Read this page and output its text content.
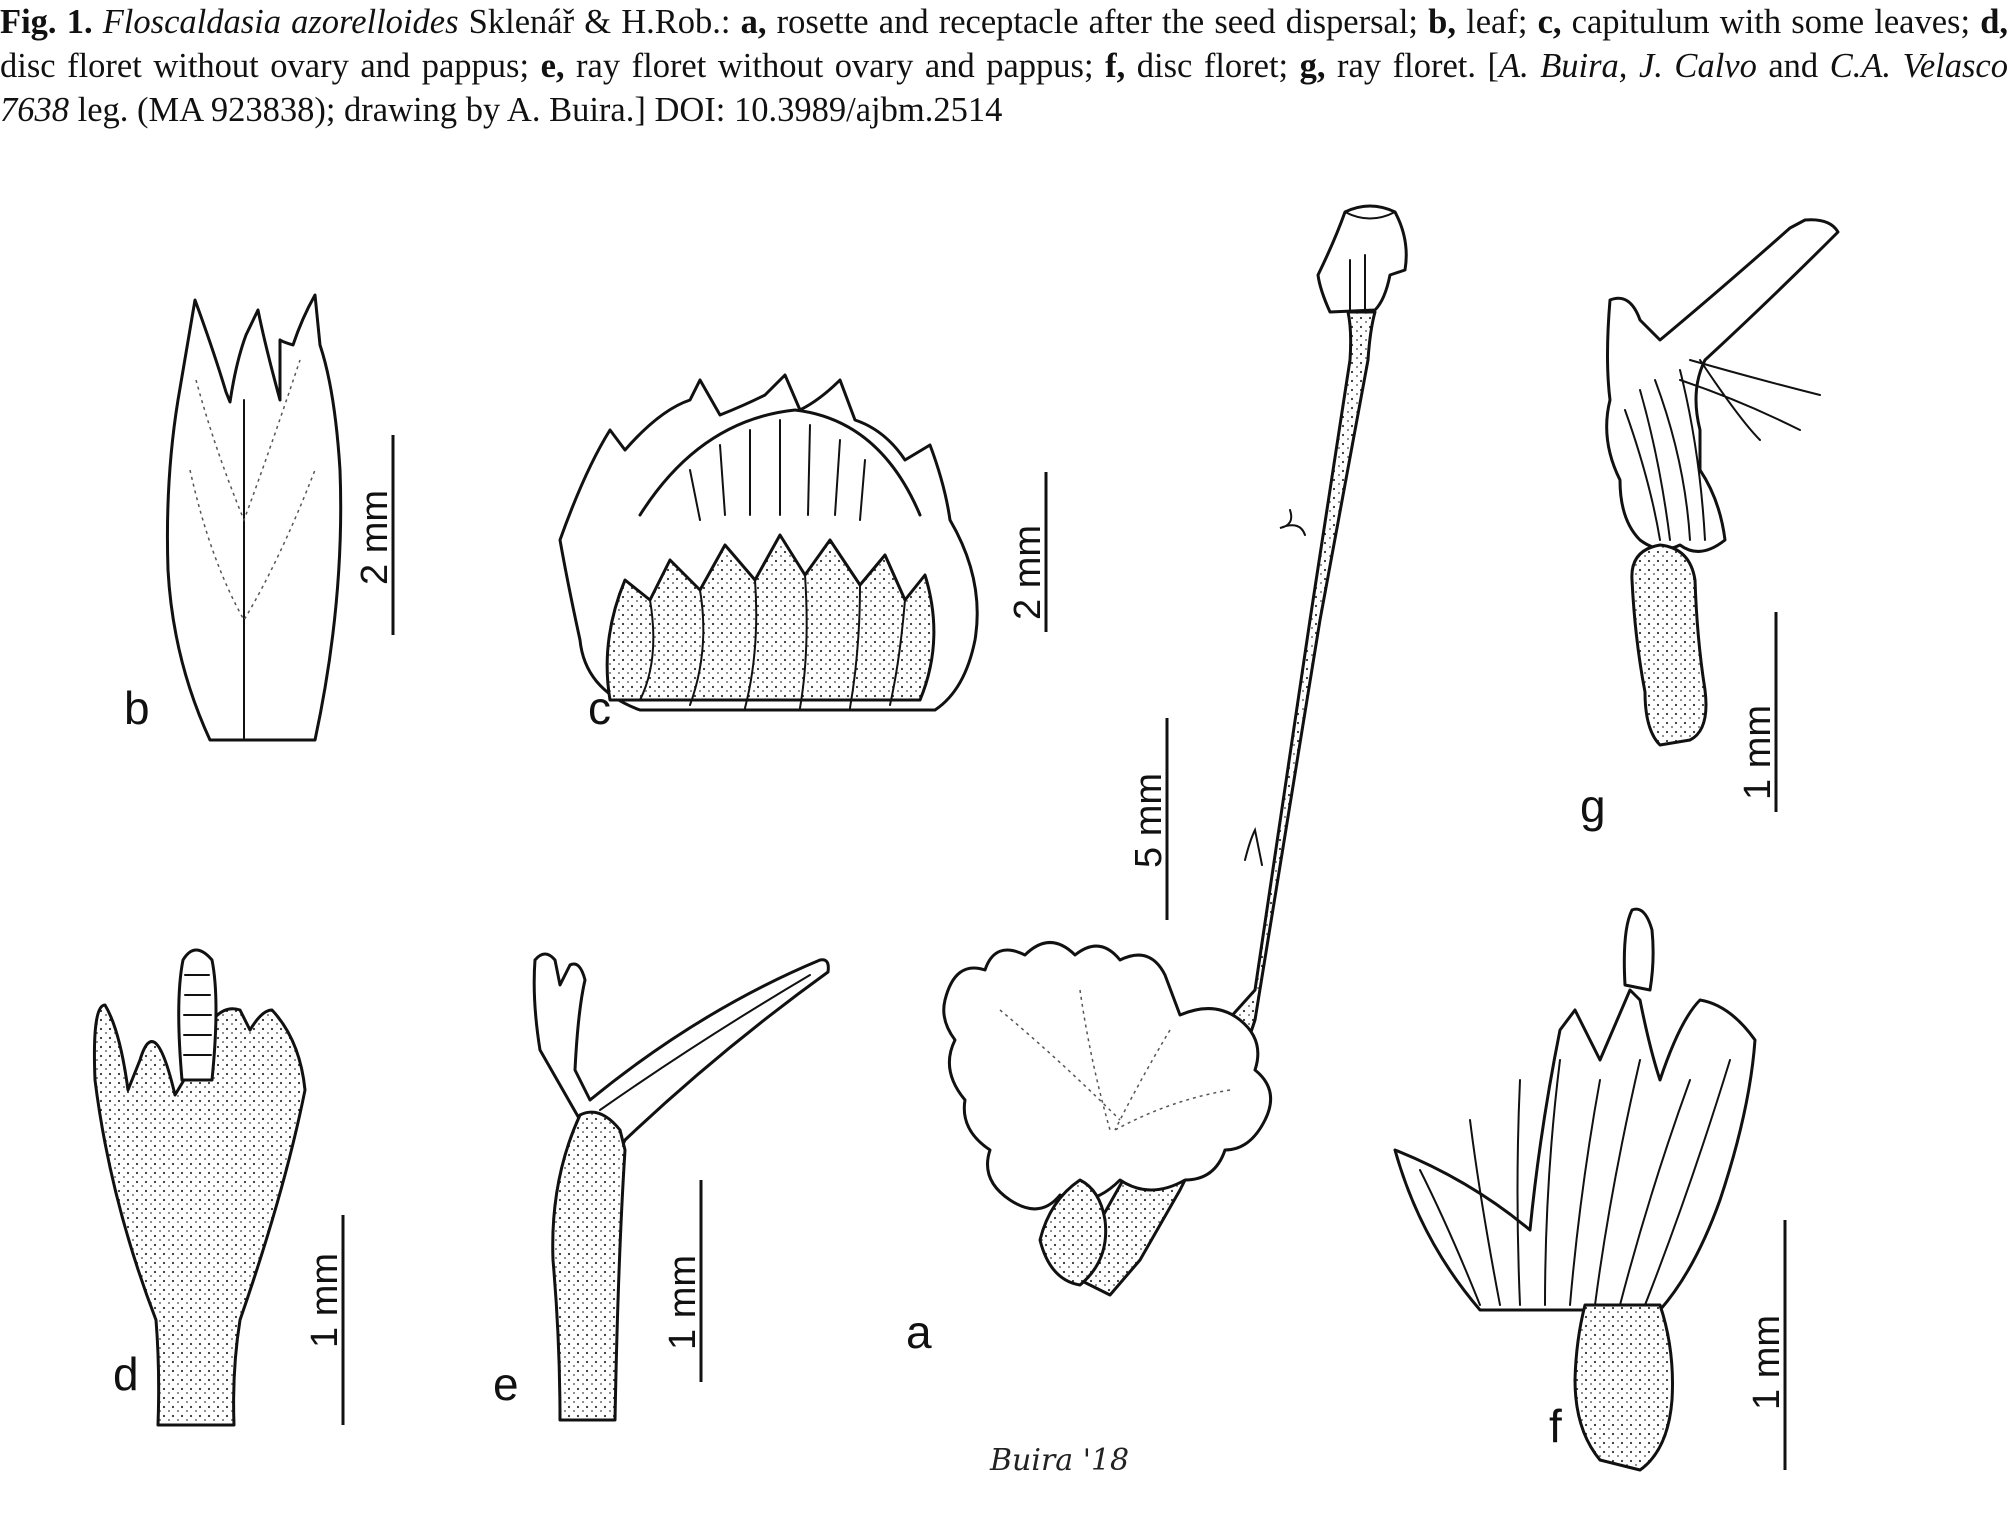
Fig. 1. Floscaldasia azorelloides Sklenář & H.Rob.: a, rosette and receptacle after the seed dispersal; b, leaf; c, capitulum with some leaves; d, disc floret without ovary and pappus; e, ray floret without ovary and pappus; f, disc floret; g, ray floret. [A. Buira, J. Calvo and C.A. Velasco 7638 leg. (MA 923838); drawing by A. Buira.] DOI: 10.3989/ajbm.2514
b
2 mm
c
2 mm
a
Buira '18
5 mm	g
1 mm
d
1 mm
e
1 mm
f
1 mm
